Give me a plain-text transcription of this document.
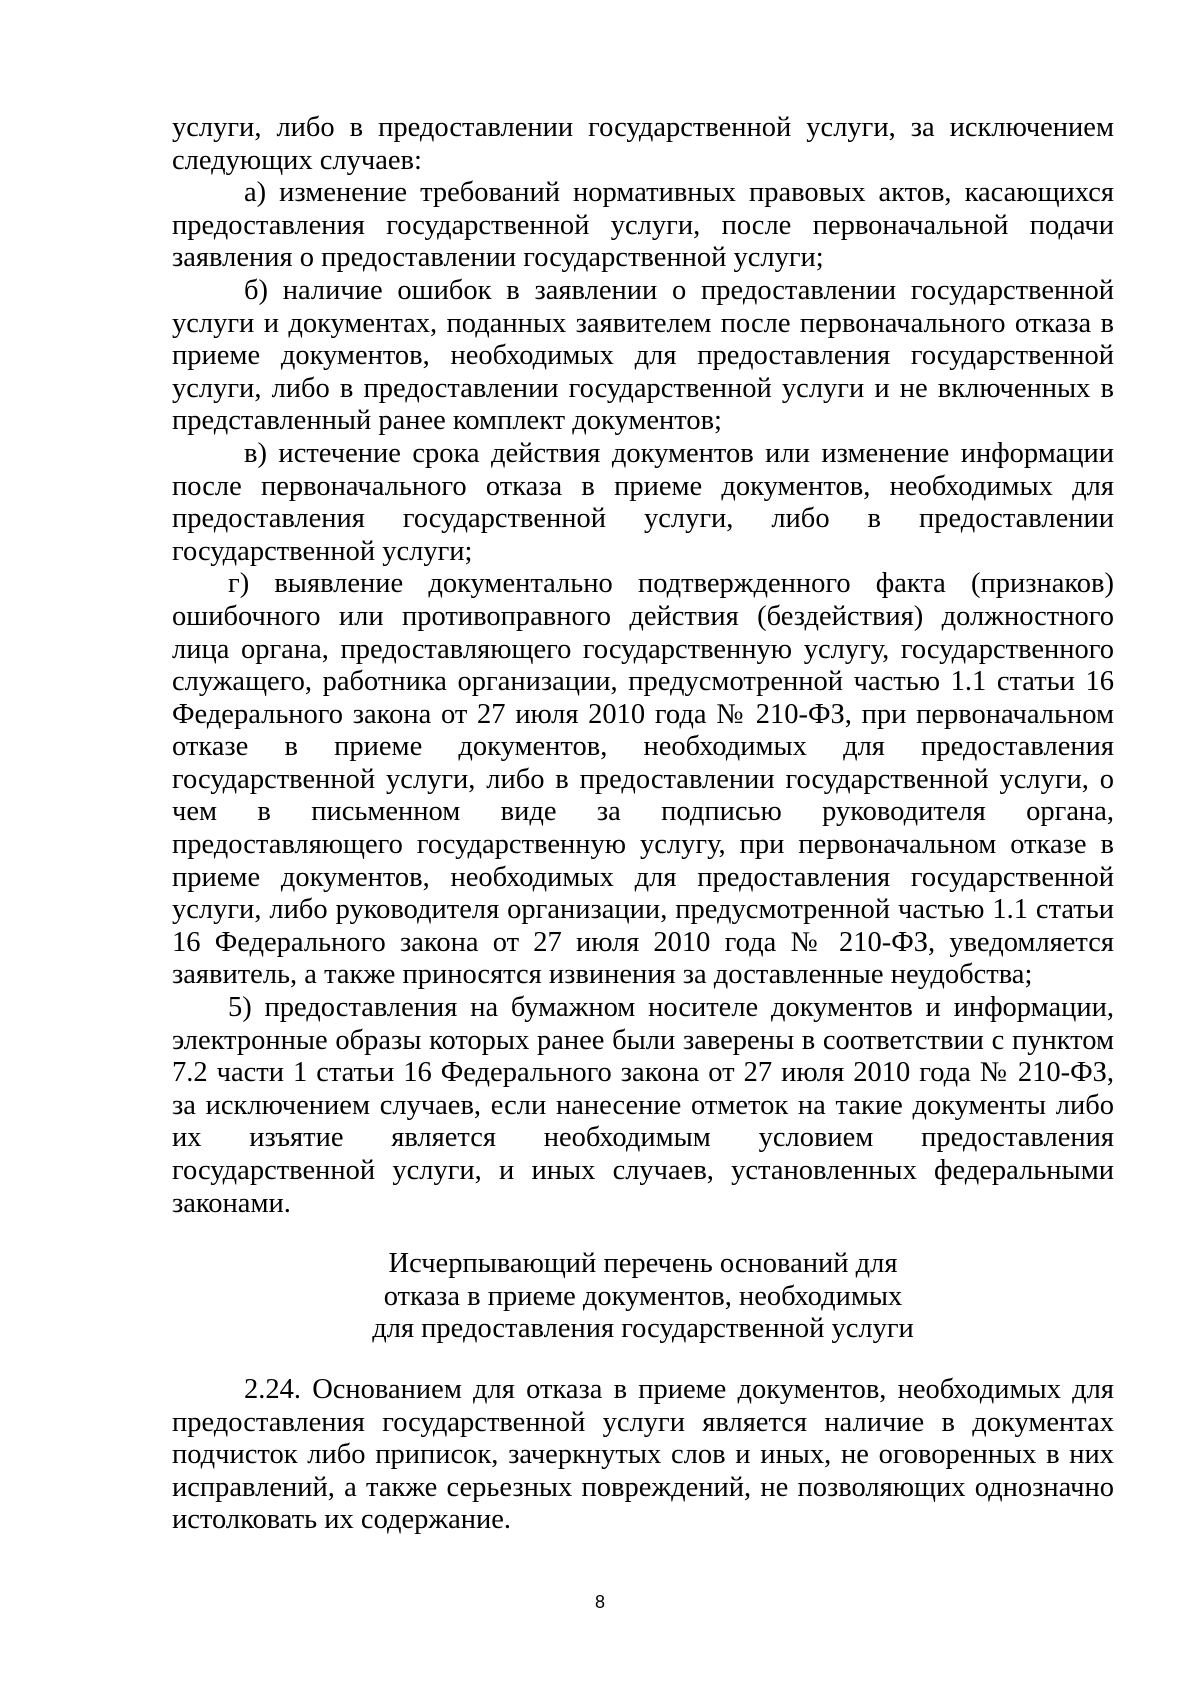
услуги, либо в предоставлении государственной услуги, за исключением следующих случаев:

а) изменение требований нормативных правовых актов, касающихся предоставления государственной услуги, после первоначальной подачи заявления о предоставлении государственной услуги;

б) наличие ошибок в заявлении о предоставлении государственной услуги и документах, поданных заявителем после первоначального отказа в приеме документов, необходимых для предоставления государственной услуги, либо в предоставлении государственной услуги и не включенных в представленный ранее комплект документов;

в) истечение срока действия документов или изменение информации после первоначального отказа в приеме документов, необходимых для предоставления государственной услуги, либо в предоставлении государственной услуги;

г) выявление документально подтвержденного факта (признаков) ошибочного или противоправного действия (бездействия) должностного лица органа, предоставляющего государственную услугу, государственного служащего, работника организации, предусмотренной частью 1.1 статьи 16 Федерального закона от 27 июля 2010 года № 210-ФЗ, при первоначальном отказе в приеме документов, необходимых для предоставления государственной услуги, либо в предоставлении государственной услуги, о чем в письменном виде за подписью руководителя органа, предоставляющего государственную услугу, при первоначальном отказе в приеме документов, необходимых для предоставления государственной услуги, либо руководителя организации, предусмотренной частью 1.1 статьи 16 Федерального закона от 27 июля 2010 года № 210-ФЗ, уведомляется заявитель, а также приносятся извинения за доставленные неудобства;

5) предоставления на бумажном носителе документов и информации, электронные образы которых ранее были заверены в соответствии с пунктом 7.2 части 1 статьи 16 Федерального закона от 27 июля 2010 года № 210-ФЗ, за исключением случаев, если нанесение отметок на такие документы либо их изъятие является необходимым условием предоставления государственной услуги, и иных случаев, установленных федеральными законами.

Исчерпывающий перечень оснований для
отказа в приеме документов, необходимых
для предоставления государственной услуги

2.24. Основанием для отказа в приеме документов, необходимых для предоставления государственной услуги является наличие в документах подчисток либо приписок, зачеркнутых слов и иных, не оговоренных в них исправлений, а также серьезных повреждений, не позволяющих однозначно истолковать их содержание.

8
